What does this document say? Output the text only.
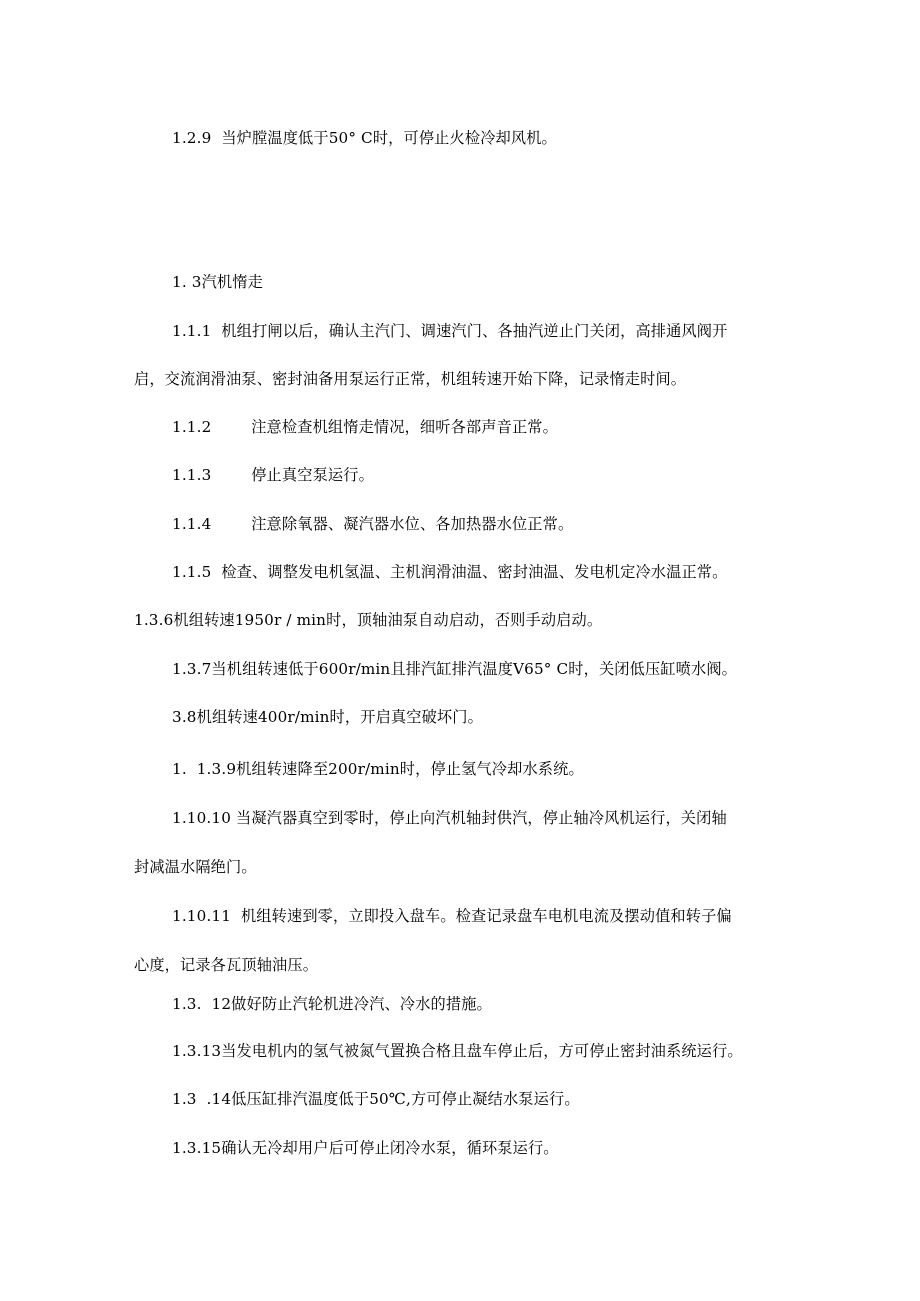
1.2.9  当炉膛温度低于50° C时，可停止火检冷却风机。
1. 3汽机惰走
1.1.1  机组打闸以后，确认主汽门、调速汽门、各抽汽逆止门关闭，高排通风阀开
启，交流润滑油泵、密封油备用泵运行正常，机组转速开始下降，记录惰走时间。
1.1.2        注意检查机组惰走情况，细听各部声音正常。
1.1.3        停止真空泵运行。
1.1.4        注意除氧器、凝汽器水位、各加热器水位正常。
1.1.5  检查、调整发电机氢温、主机润滑油温、密封油温、发电机定冷水温正常。
1.3.6机组转速1950r / min时，顶轴油泵自动启动，否则手动启动。
1.3.7当机组转速低于600r/min且排汽缸排汽温度V65° C时，关闭低压缸喷水阀。
3.8机组转速400r/min时，开启真空破坏门。
1.  1.3.9机组转速降至200r/min时，停止氢气冷却水系统。
1.10.10 当凝汽器真空到零时，停止向汽机轴封供汽，停止轴冷风机运行，关闭轴
封减温水隔绝门。
1.10.11  机组转速到零，立即投入盘车。检查记录盘车电机电流及摆动值和转子偏
心度，记录各瓦顶轴油压。
1.3.  12做好防止汽轮机进冷汽、冷水的措施。
1.3.13当发电机内的氢气被氮气置换合格且盘车停止后，方可停止密封油系统运行。
1.3  .14低压缸排汽温度低于50℃,方可停止凝结水泵运行。
1.3.15确认无冷却用户后可停止闭冷水泵，循环泵运行。
